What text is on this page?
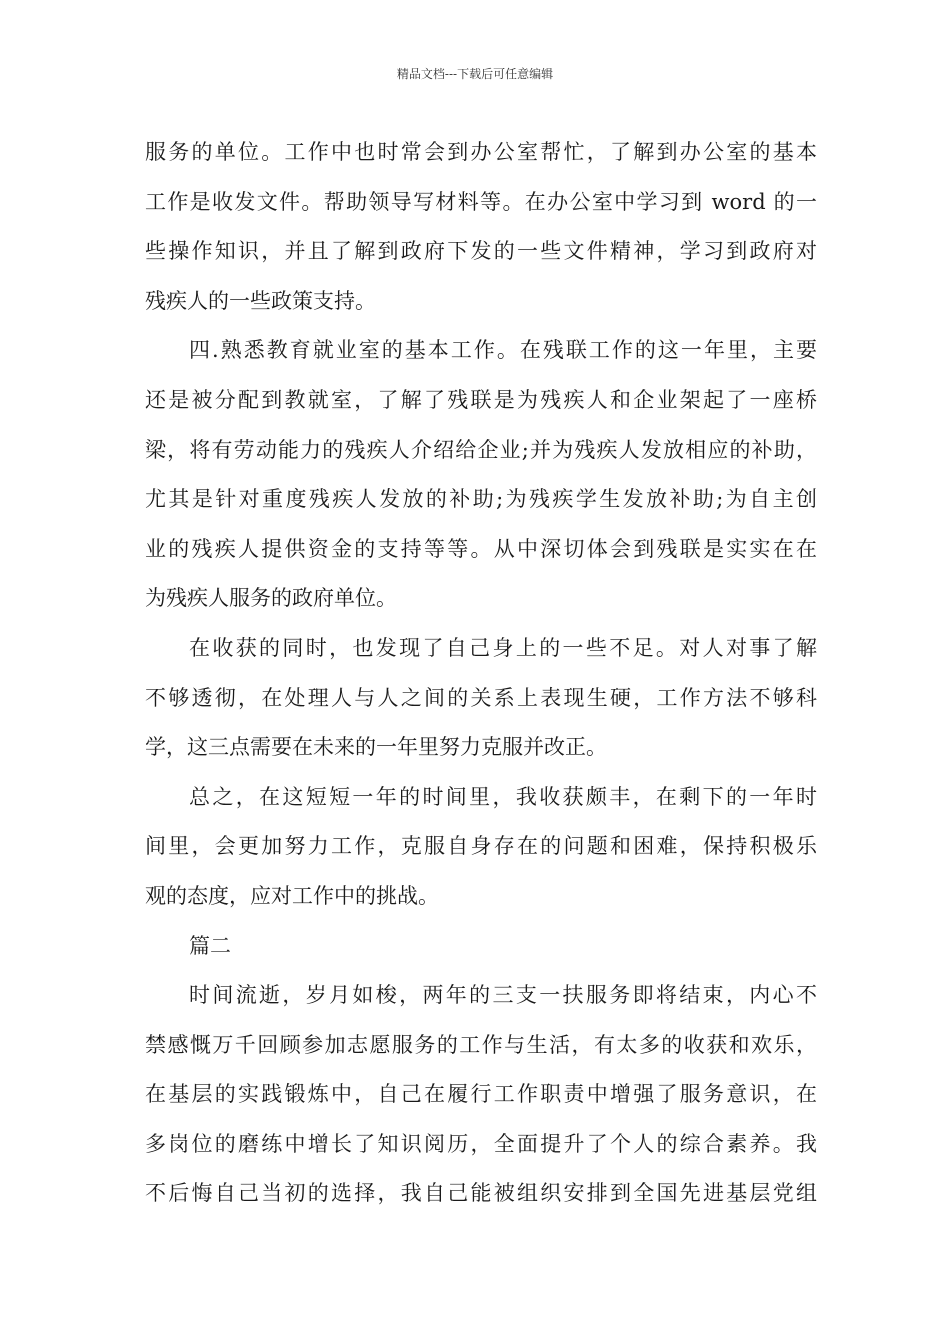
精品文档---下载后可任意编辑
服务的单位。工作中也时常会到办公室帮忙，了解到办公室的基本
工作是收发文件。帮助领导写材料等。在办公室中学习到 word 的一
些操作知识，并且了解到政府下发的一些文件精神，学习到政府对
残疾人的一些政策支持。
四.熟悉教育就业室的基本工作。在残联工作的这一年里，主要
还是被分配到教就室，了解了残联是为残疾人和企业架起了一座桥
梁，将有劳动能力的残疾人介绍给企业;并为残疾人发放相应的补助，
尤其是针对重度残疾人发放的补助;为残疾学生发放补助;为自主创
业的残疾人提供资金的支持等等。从中深切体会到残联是实实在在
为残疾人服务的政府单位。
在收获的同时，也发现了自己身上的一些不足。对人对事了解
不够透彻，在处理人与人之间的关系上表现生硬，工作方法不够科
学，这三点需要在未来的一年里努力克服并改正。
总之，在这短短一年的时间里，我收获颇丰，在剩下的一年时
间里，会更加努力工作，克服自身存在的问题和困难，保持积极乐
观的态度，应对工作中的挑战。
篇二
时间流逝，岁月如梭，两年的三支一扶服务即将结束，内心不
禁感慨万千回顾参加志愿服务的工作与生活，有太多的收获和欢乐，
在基层的实践锻炼中，自己在履行工作职责中增强了服务意识，在
多岗位的磨练中增长了知识阅历，全面提升了个人的综合素养。我
不后悔自己当初的选择，我自己能被组织安排到全国先进基层党组
